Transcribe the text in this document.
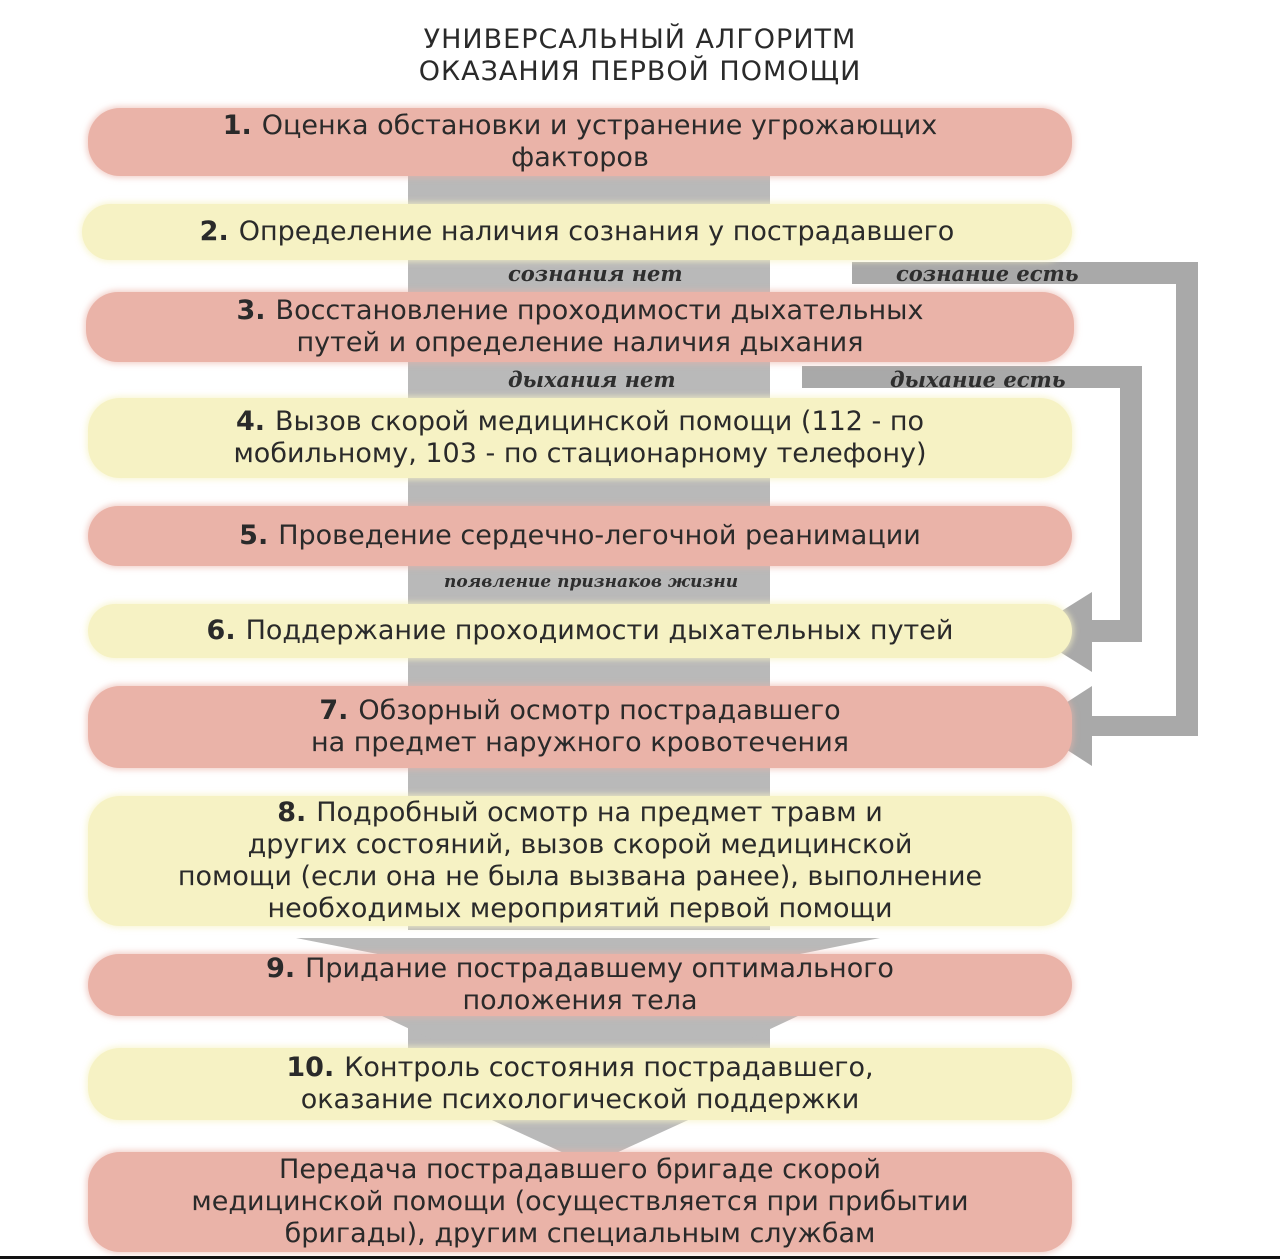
УНИВЕРСАЛЬНЫЙ АЛГОРИТМ
ОКАЗАНИЯ ПЕРВОЙ ПОМОЩИ
1. Оценка обстановки и устранение угрожающих
факторов
2. Определение наличия сознания у пострадавшего
3. Восстановление проходимости дыхательных
путей и определение наличия дыхания
4. Вызов скорой медицинской помощи (112 - по
мобильному, 103 - по стационарному телефону)
5. Проведение сердечно-легочной реанимации
6. Поддержание проходимости дыхательных путей
7. Обзорный осмотр пострадавшего
на предмет наружного кровотечения
8. Подробный осмотр на предмет травм и
других состояний, вызов скорой медицинской
помощи (если она не была вызвана ранее), выполнение
необходимых мероприятий первой помощи
9. Придание пострадавшему оптимального
положения тела
10. Контроль состояния пострадавшего,
оказание психологической поддержки
Передача пострадавшего бригаде скорой
медицинской помощи (осуществляется при прибытии
бригады), другим специальным службам
сознания нет	сознание есть
дыхания нет	дыхание есть
появление признаков жизни
